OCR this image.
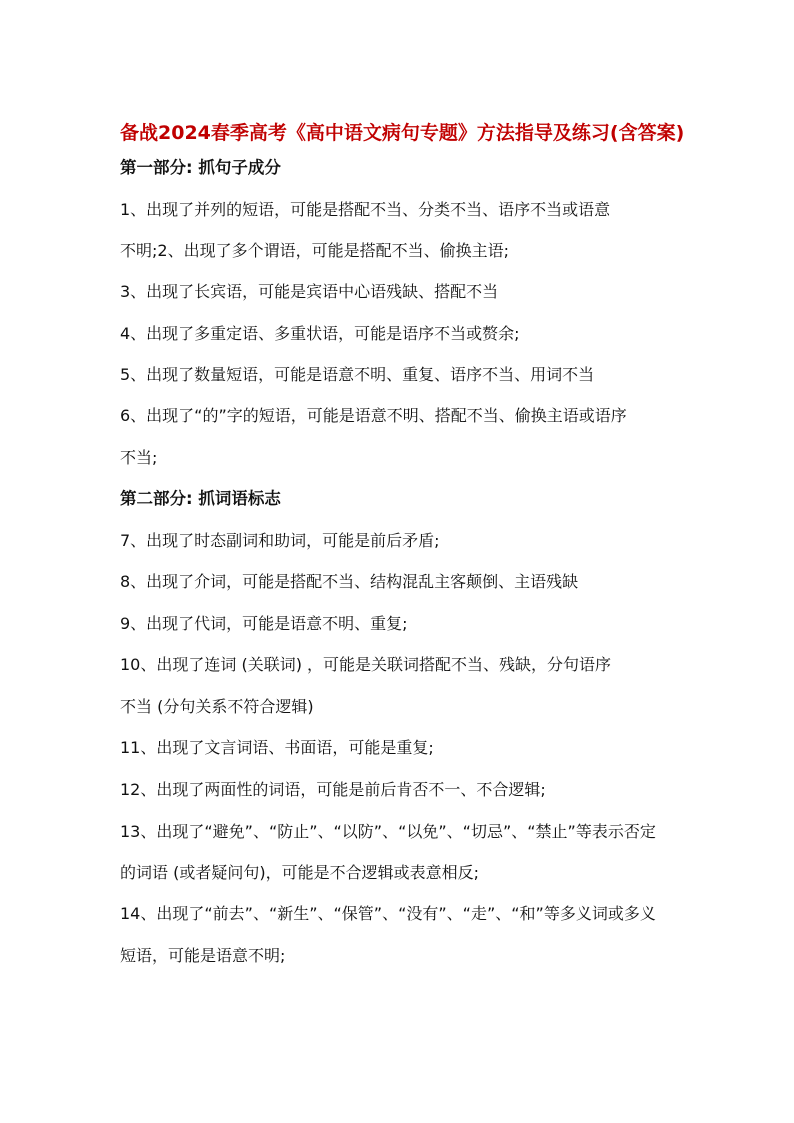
备战2024春季高考《高中语文病句专题》方法指导及练习(含答案)
第一部分: 抓句子成分
1、出现了并列的短语，可能是搭配不当、分类不当、语序不当或语意
不明;2、出现了多个谓语，可能是搭配不当、偷换主语;
3、出现了长宾语，可能是宾语中心语残缺、搭配不当
4、出现了多重定语、多重状语，可能是语序不当或赘余;
5、出现了数量短语，可能是语意不明、重复、语序不当、用词不当
6、出现了“的”字的短语，可能是语意不明、搭配不当、偷换主语或语序
不当;
第二部分: 抓词语标志
7、出现了时态副词和助词，可能是前后矛盾;
8、出现了介词，可能是搭配不当、结构混乱主客颠倒、主语残缺
9、出现了代词，可能是语意不明、重复;
10、出现了连词 (关联词) ，可能是关联词搭配不当、残缺，分句语序
不当 (分句关系不符合逻辑)
11、出现了文言词语、书面语，可能是重复;
12、出现了两面性的词语，可能是前后肯否不一、不合逻辑;
13、出现了“避免”、“防止”、“以防”、“以免”、“切忌”、“禁止”等表示否定
的词语 (或者疑问句)，可能是不合逻辑或表意相反;
14、出现了“前去”、“新生”、“保管”、“没有”、“走”、“和”等多义词或多义
短语，可能是语意不明;
